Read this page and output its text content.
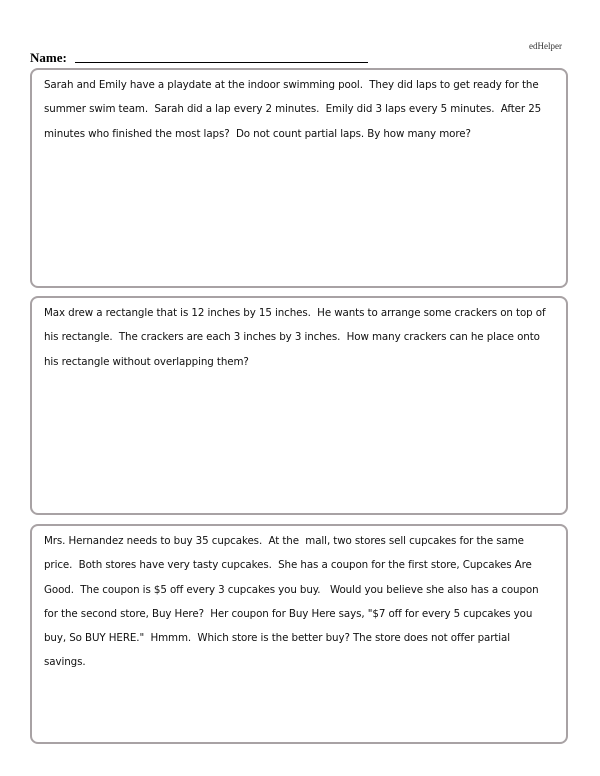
edHelper
Name:
Sarah and Emily have a playdate at the indoor swimming pool.  They did laps to get ready for the summer swim team.  Sarah did a lap every 2 minutes.  Emily did 3 laps every 5 minutes.  After 25 minutes who finished the most laps?  Do not count partial laps. By how many more?
Max drew a rectangle that is 12 inches by 15 inches.  He wants to arrange some crackers on top of his rectangle.  The crackers are each 3 inches by 3 inches.  How many crackers can he place onto his rectangle without overlapping them?
Mrs. Hernandez needs to buy 35 cupcakes.  At the  mall, two stores sell cupcakes for the same price.  Both stores have very tasty cupcakes.  She has a coupon for the first store, Cupcakes Are Good.  The coupon is $5 off every 3 cupcakes you buy.   Would you believe she also has a coupon for the second store, Buy Here?  Her coupon for Buy Here says, "$7 off for every 5 cupcakes you buy, So BUY HERE."  Hmmm.  Which store is the better buy? The store does not offer partial savings.
